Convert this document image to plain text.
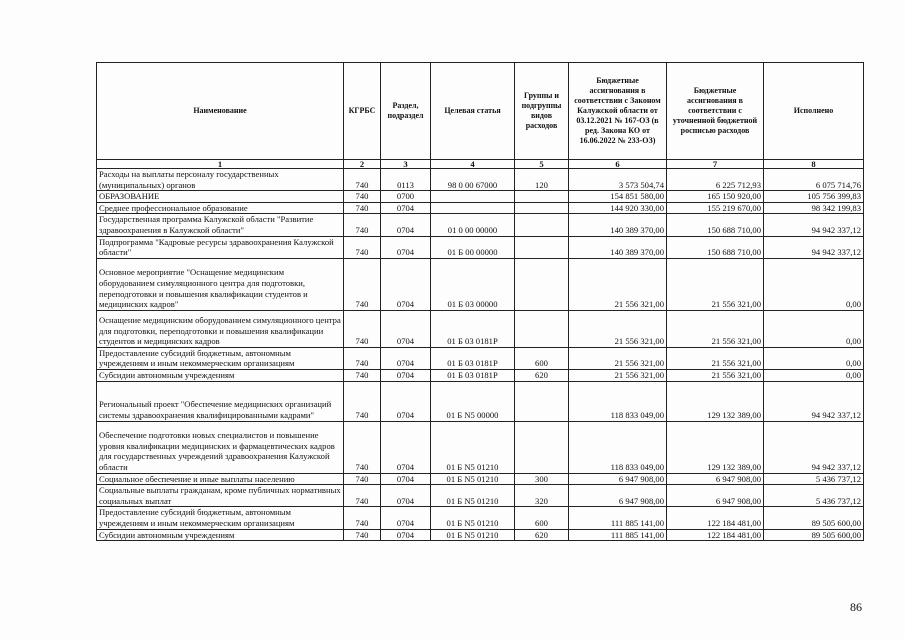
Наименование	КГРБС	Раздел, подраздел	Целевая статья	Группы и подгруппы видов расходов	Бюджетные ассигнования в соответствии с Законом Калужской области от 03.12.2021 № 167-ОЗ (в ред. Закона КО от 16.06.2022 № 233-ОЗ)	Бюджетные ассигнования в соответствии с уточненной бюджетной росписью расходов	Исполнено
1	2	3	4	5	6	7	8
Расходы на выплаты персоналу государственных (муниципальных) органов	740	0113	98 0 00 67000	120	3 573 504,74	6 225 712,93	6 075 714,76
ОБРАЗОВАНИЕ	740	0700			154 851 580,00	165 150 920,00	105 756 399,83
Среднее профессиональное образование	740	0704			144 920 330,00	155 219 670,00	98 342 199,83
Государственная программа Калужской области "Развитие здравоохранения в Калужской области"	740	0704	01 0 00 00000		140 389 370,00	150 688 710,00	94 942 337,12
Подпрограмма "Кадровые ресурсы здравоохранения Калужской области"	740	0704	01 Б 00 00000		140 389 370,00	150 688 710,00	94 942 337,12
Основное мероприятие "Оснащение медицинским оборудованием симуляционного центра для подготовки, переподготовки и повышения квалификации студентов и медицинских кадров"	740	0704	01 Б 03 00000		21 556 321,00	21 556 321,00	0,00
Оснащение медицинским оборудованием симуляционного центра для подготовки, переподготовки и повышения квалификации студентов и медицинских кадров	740	0704	01 Б 03 0181Р		21 556 321,00	21 556 321,00	0,00
Предоставление субсидий бюджетным, автономным учреждениям и иным некоммерческим организациям	740	0704	01 Б 03 0181Р	600	21 556 321,00	21 556 321,00	0,00
Субсидии автономным учреждениям	740	0704	01 Б 03 0181Р	620	21 556 321,00	21 556 321,00	0,00
Региональный проект "Обеспечение медицинских организаций системы здравоохранения квалифицированными кадрами"	740	0704	01 Б N5 00000		118 833 049,00	129 132 389,00	94 942 337,12
Обеспечение подготовки новых специалистов и повышение уровня квалификации медицинских и фармацевтических кадров для государственных учреждений здравоохранения Калужской области	740	0704	01 Б N5 01210		118 833 049,00	129 132 389,00	94 942 337,12
Социальное обеспечение и иные выплаты населению	740	0704	01 Б N5 01210	300	6 947 908,00	6 947 908,00	5 436 737,12
Социальные выплаты гражданам, кроме публичных нормативных социальных выплат	740	0704	01 Б N5 01210	320	6 947 908,00	6 947 908,00	5 436 737,12
Предоставление субсидий бюджетным, автономным учреждениям и иным некоммерческим организациям	740	0704	01 Б N5 01210	600	111 885 141,00	122 184 481,00	89 505 600,00
Субсидии автономным учреждениям	740	0704	01 Б N5 01210	620	111 885 141,00	122 184 481,00	89 505 600,00
86
